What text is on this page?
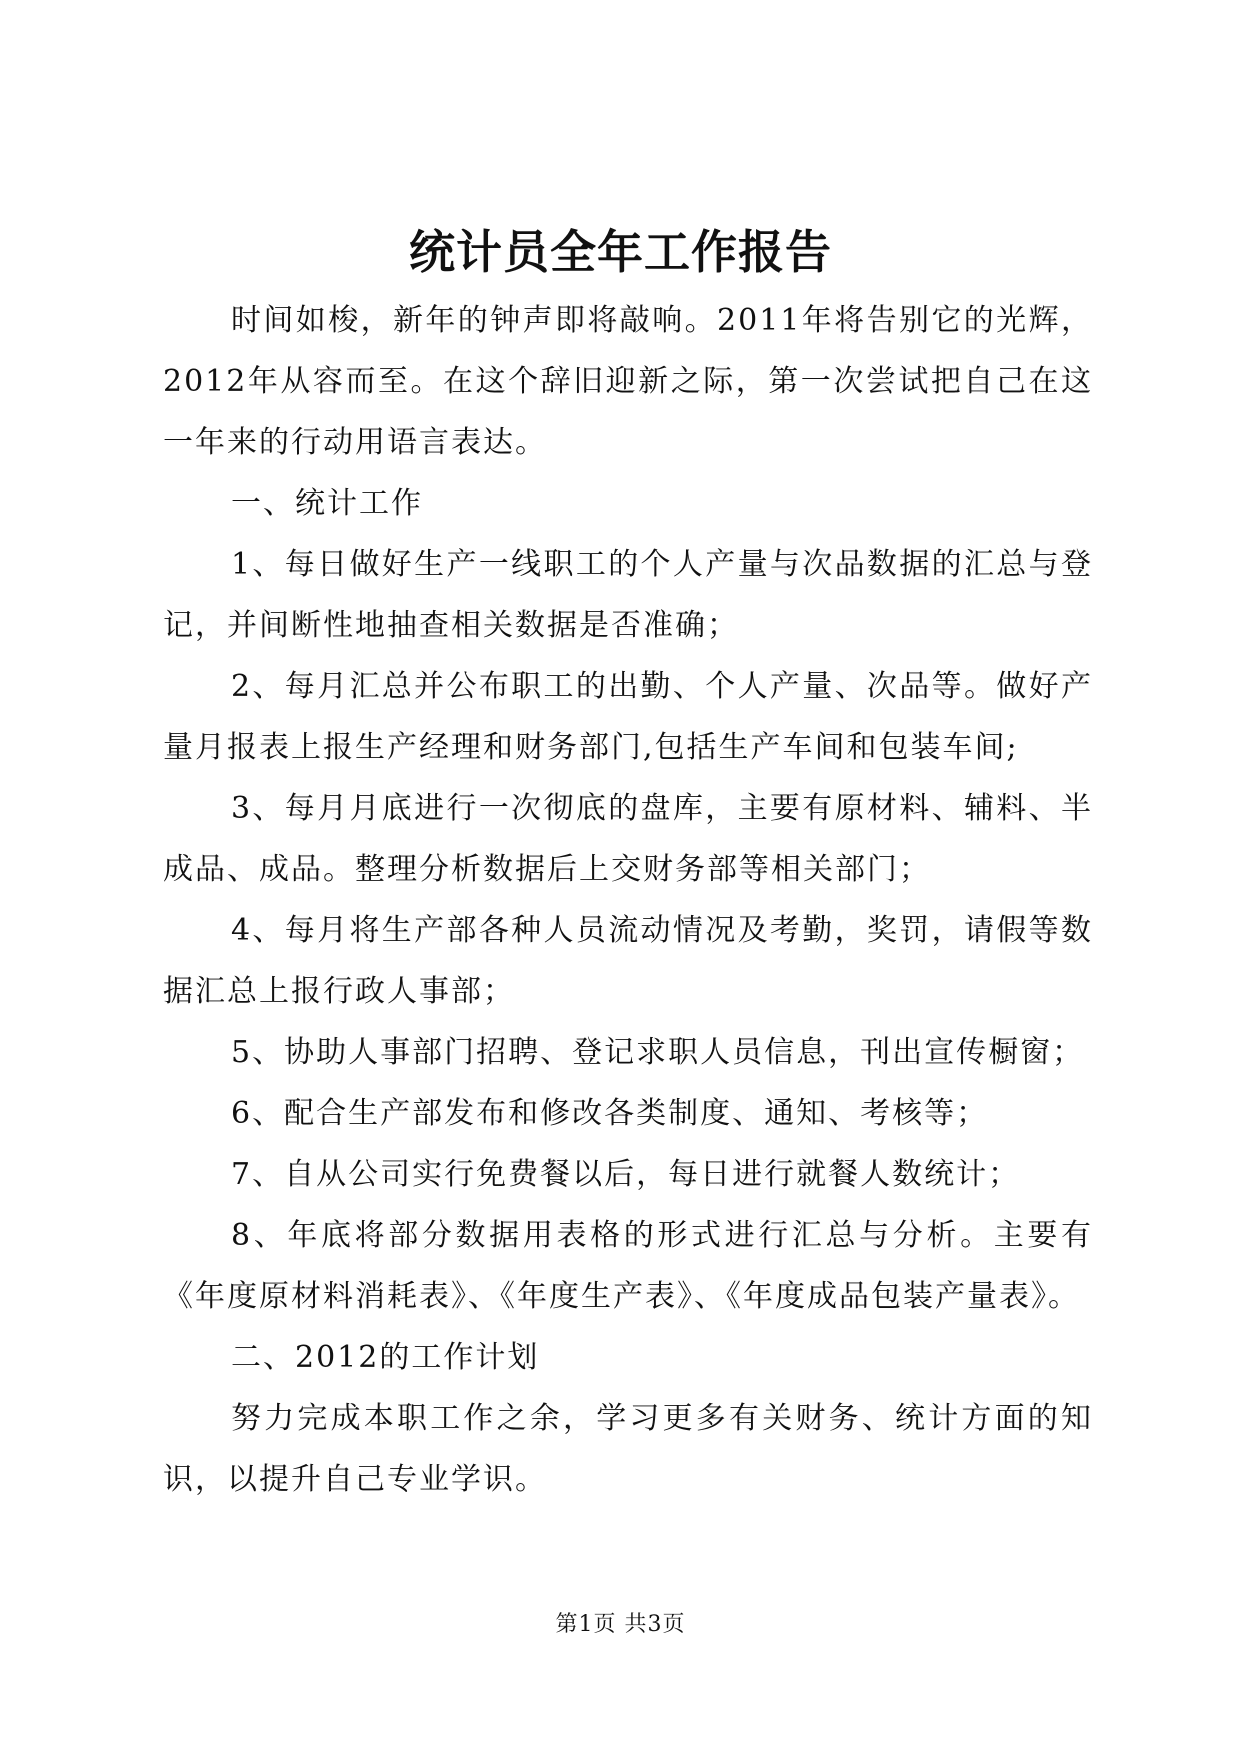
统计员全年工作报告

时间如梭，新年的钟声即将敲响。2011年将告别它的光辉，2012年从容而至。在这个辞旧迎新之际，第一次尝试把自己在这一年来的行动用语言表达。

一、统计工作

1、每日做好生产一线职工的个人产量与次品数据的汇总与登记，并间断性地抽查相关数据是否准确；

2、每月汇总并公布职工的出勤、个人产量、次品等。做好产量月报表上报生产经理和财务部门,包括生产车间和包装车间;

3、每月月底进行一次彻底的盘库，主要有原材料、辅料、半成品、成品。整理分析数据后上交财务部等相关部门；

4、每月将生产部各种人员流动情况及考勤，奖罚，请假等数据汇总上报行政人事部；

5、协助人事部门招聘、登记求职人员信息，刊出宣传橱窗；

6、配合生产部发布和修改各类制度、通知、考核等；

7、自从公司实行免费餐以后，每日进行就餐人数统计；

8、年底将部分数据用表格的形式进行汇总与分析。主要有《年度原材料消耗表》、《年度生产表》、《年度成品包装产量表》。

二、2012的工作计划

努力完成本职工作之余，学习更多有关财务、统计方面的知识，以提升自己专业学识。

第1页 共3页
